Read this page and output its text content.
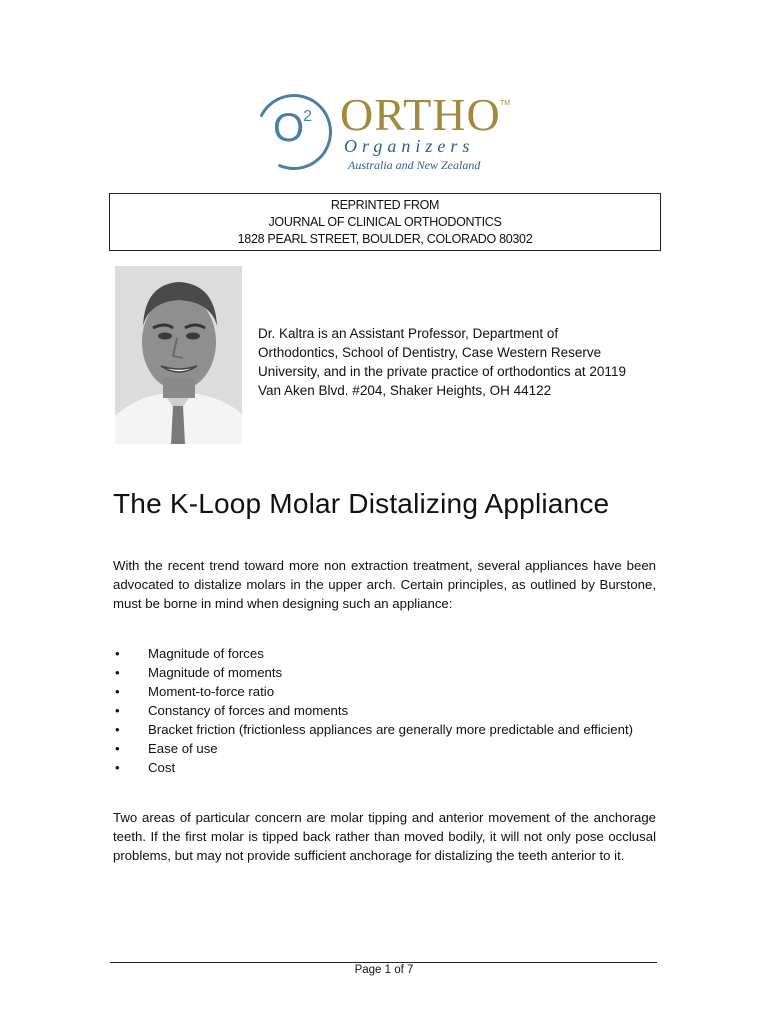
$O^2$ ORTHO TM
Organizers
Australia and New Zealand
REPRINTED FROM
JOURNAL OF CLINICAL ORTHODONTICS
1828 PEARL STREET, BOULDER, COLORADO 80302
Dr. Kaltra is an Assistant Professor, Department of Orthodontics, School of Dentistry, Case Western Reserve University, and in the private practice of orthodontics at 20119 Van Aken Blvd. #204, Shaker Heights, OH 44122
The K-Loop Molar Distalizing Appliance
With the recent trend toward more non extraction treatment, several appliances have been advocated to distalize molars in the upper arch. Certain principles, as outlined by Burstone, must be borne in mind when designing such an appliance:
• Magnitude of forces
• Magnitude of moments
• Moment-to-force ratio
• Constancy of forces and moments
• Bracket friction (frictionless appliances are generally more predictable and efficient)
• Ease of use
• Cost
Two areas of particular concern are molar tipping and anterior movement of the anchorage teeth. If the first molar is tipped back rather than moved bodily, it will not only pose occlusal problems, but may not provide sufficient anchorage for distalizing the teeth anterior to it.
Page 1 of 7
